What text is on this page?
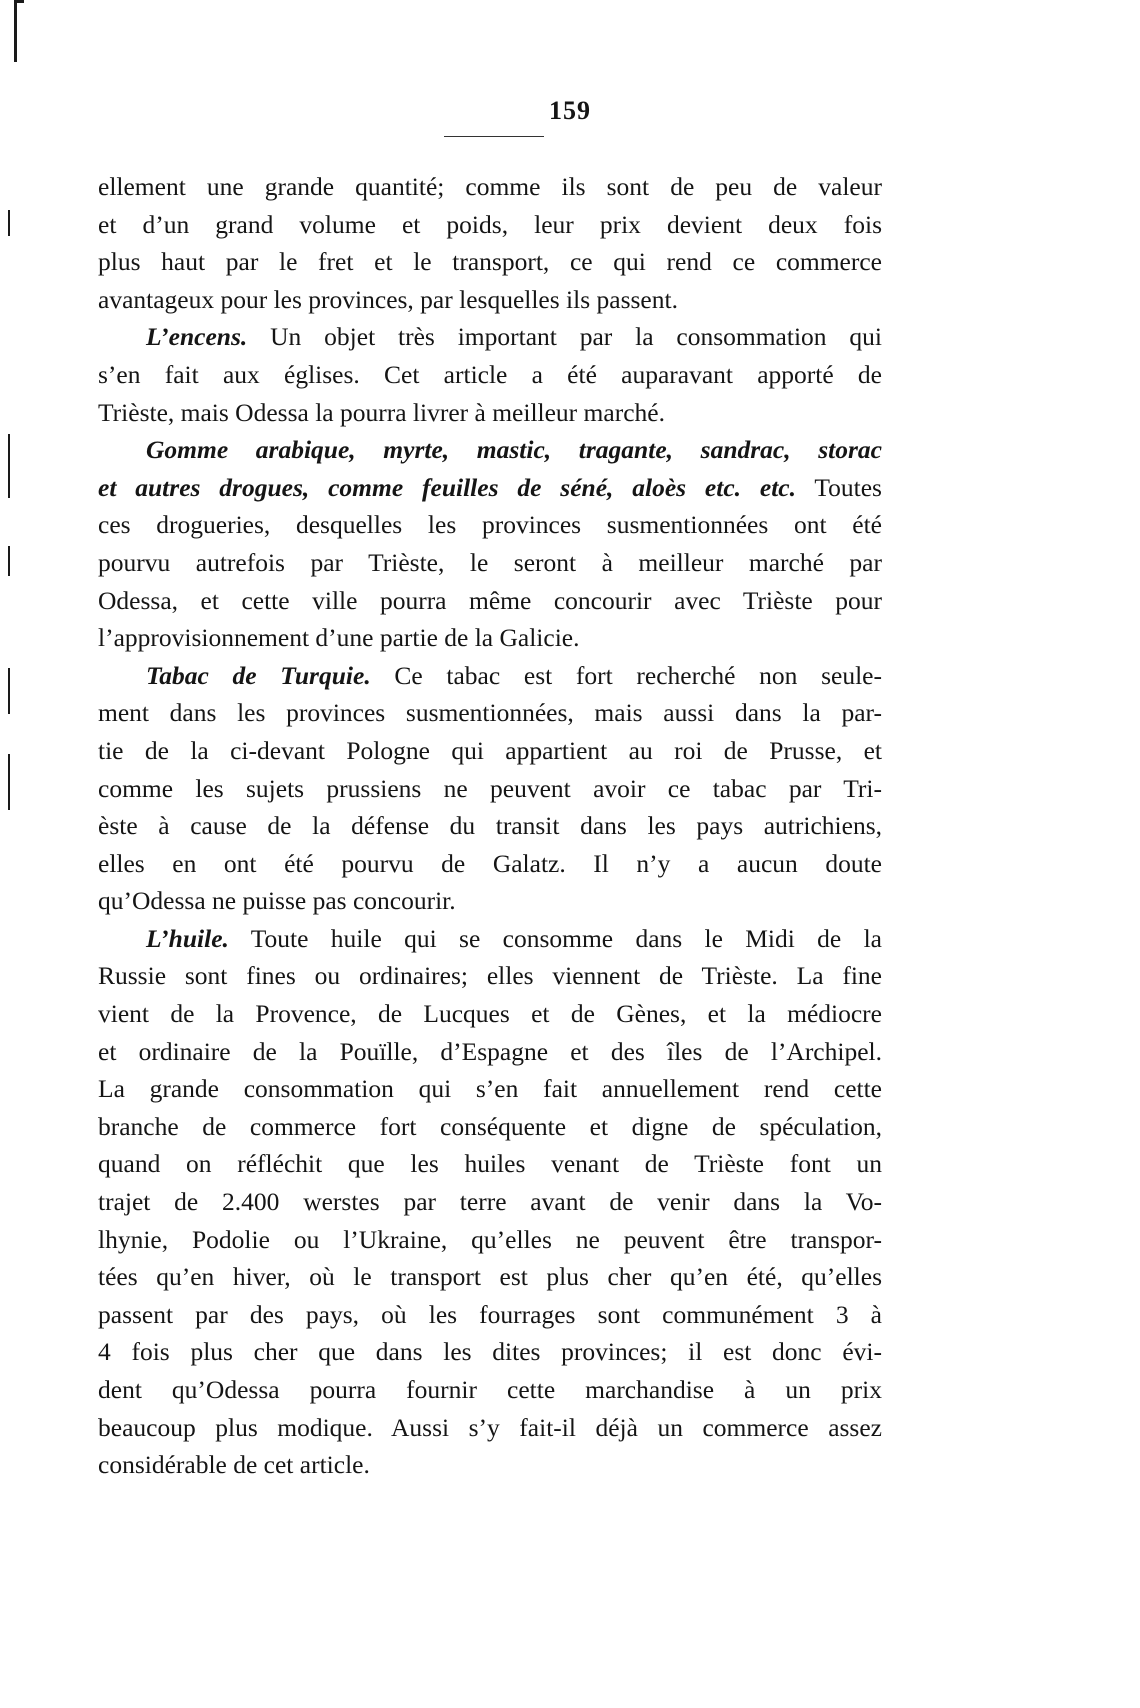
159
ellement une grande quantité; comme ils sont de peu de valeur
et d’un grand volume et poids, leur prix devient deux fois
plus haut par le fret et le transport, ce qui rend ce commerce
avantageux pour les provinces, par lesquelles ils passent.
L’encens. Un objet très important par la consommation qui
s’en fait aux églises. Cet article a été auparavant apporté de
Trièste, mais Odessa la pourra livrer à meilleur marché.
Gomme arabique, myrte, mastic, tragante, sandrac, storac
et autres drogues, comme feuilles de séné, aloès etc. etc. Toutes
ces drogueries, desquelles les provinces susmentionnées ont été
pourvu autrefois par Trièste, le seront à meilleur marché par
Odessa, et cette ville pourra même concourir avec Trièste pour
l’approvisionnement d’une partie de la Galicie.
Tabac de Turquie. Ce tabac est fort recherché non seule-
ment dans les provinces susmentionnées, mais aussi dans la par-
tie de la ci-devant Pologne qui appartient au roi de Prusse, et
comme les sujets prussiens ne peuvent avoir ce tabac par Tri-
èste à cause de la défense du transit dans les pays autrichiens,
elles en ont été pourvu de Galatz. Il n’y a aucun doute
qu’Odessa ne puisse pas concourir.
L’huile. Toute huile qui se consomme dans le Midi de la
Russie sont fines ou ordinaires; elles viennent de Trièste. La fine
vient de la Provence, de Lucques et de Gènes, et la médiocre
et ordinaire de la Pouïlle, d’Espagne et des îles de l’Archipel.
La grande consommation qui s’en fait annuellement rend cette
branche de commerce fort conséquente et digne de spéculation,
quand on réfléchit que les huiles venant de Trièste font un
trajet de 2.400 werstes par terre avant de venir dans la Vo-
lhynie, Podolie ou l’Ukraine, qu’elles ne peuvent être transpor-
tées qu’en hiver, où le transport est plus cher qu’en été, qu’elles
passent par des pays, où les fourrages sont communément 3 à
4 fois plus cher que dans les dites provinces; il est donc évi-
dent qu’Odessa pourra fournir cette marchandise à un prix
beaucoup plus modique. Aussi s’y fait-il déjà un commerce assez
considérable de cet article.
